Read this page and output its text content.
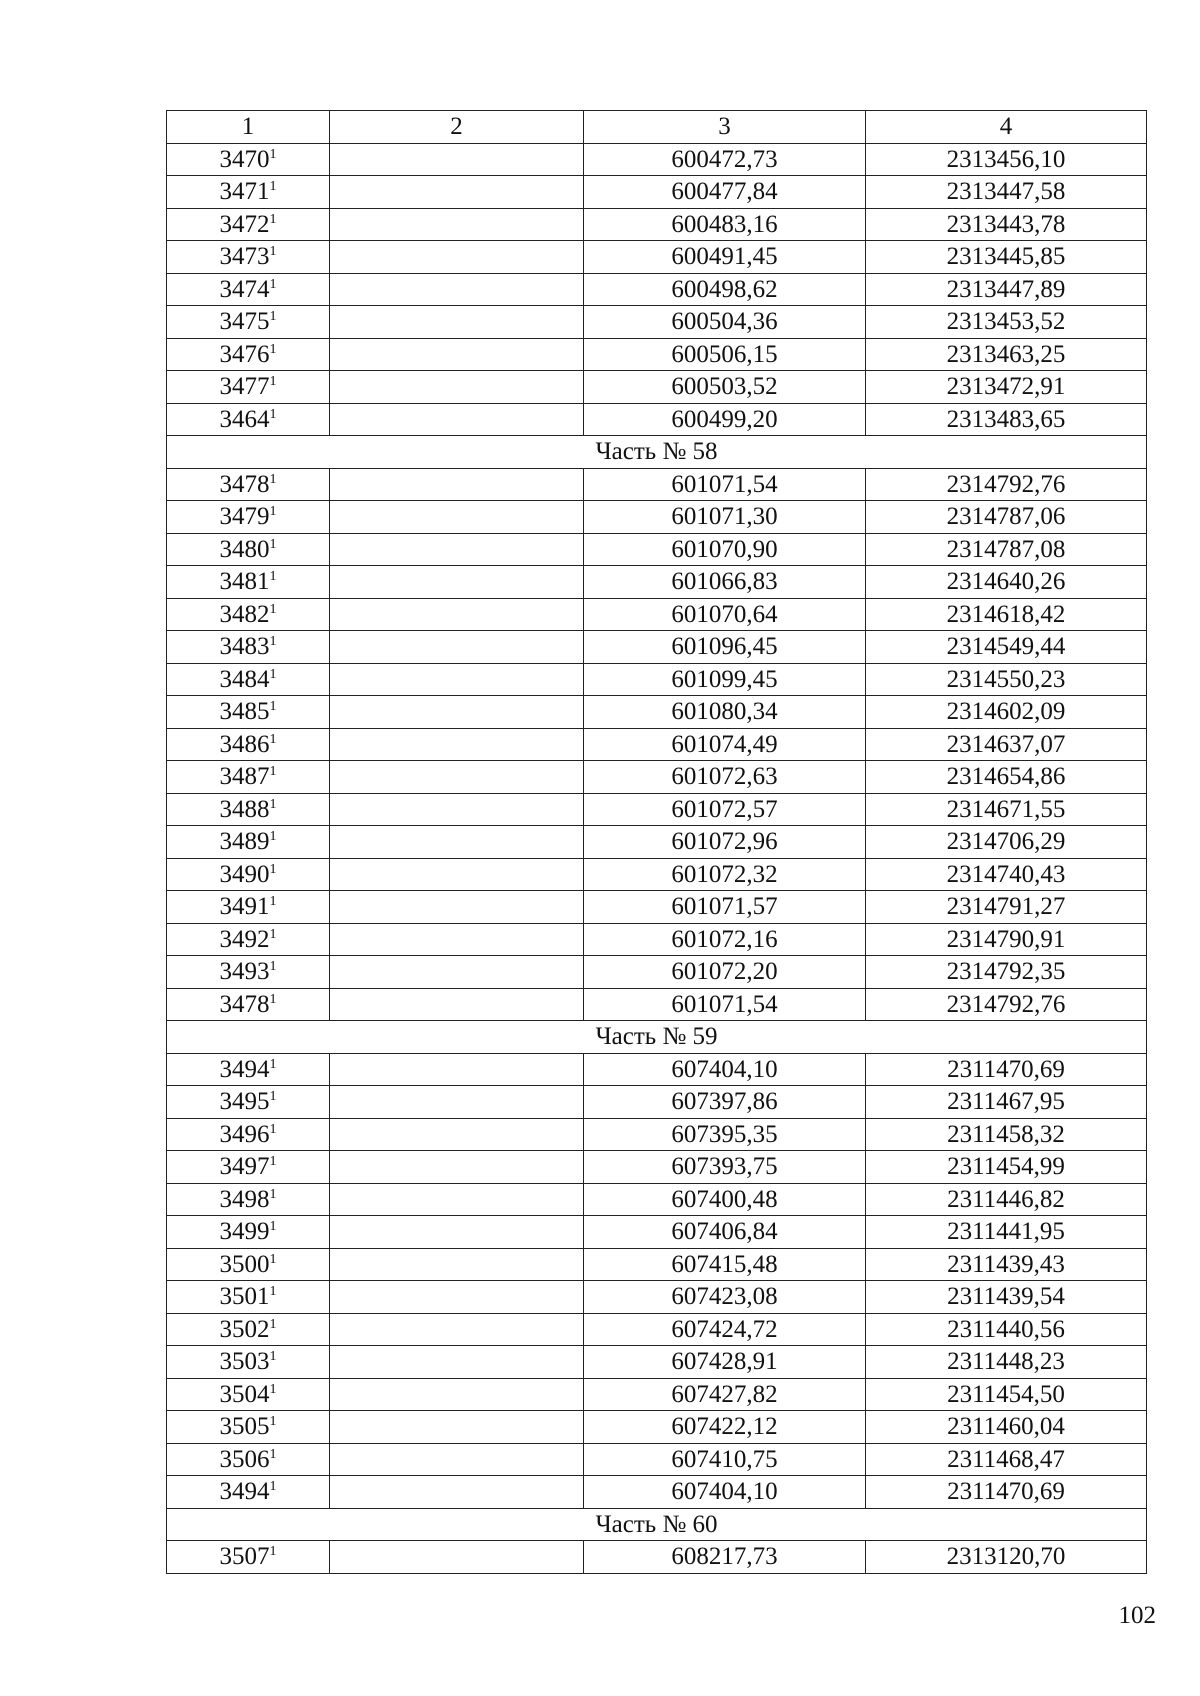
1	2	3	4
3470$^1$		600472,73	2313456,10
3471$^1$		600477,84	2313447,58
3472$^1$		600483,16	2313443,78
3473$^1$		600491,45	2313445,85
3474$^1$		600498,62	2313447,89
3475$^1$		600504,36	2313453,52
3476$^1$		600506,15	2313463,25
3477$^1$		600503,52	2313472,91
3464$^1$		600499,20	2313483,65
Часть № 58			
3478$^1$		601071,54	2314792,76
3479$^1$		601071,30	2314787,06
3480$^1$		601070,90	2314787,08
3481$^1$		601066,83	2314640,26
3482$^1$		601070,64	2314618,42
3483$^1$		601096,45	2314549,44
3484$^1$		601099,45	2314550,23
3485$^1$		601080,34	2314602,09
3486$^1$		601074,49	2314637,07
3487$^1$		601072,63	2314654,86
3488$^1$		601072,57	2314671,55
3489$^1$		601072,96	2314706,29
3490$^1$		601072,32	2314740,43
3491$^1$		601071,57	2314791,27
3492$^1$		601072,16	2314790,91
3493$^1$		601072,20	2314792,35
3478$^1$		601071,54	2314792,76
Часть № 59			
3494$^1$		607404,10	2311470,69
3495$^1$		607397,86	2311467,95
3496$^1$		607395,35	2311458,32
3497$^1$		607393,75	2311454,99
3498$^1$		607400,48	2311446,82
3499$^1$		607406,84	2311441,95
3500$^1$		607415,48	2311439,43
3501$^1$		607423,08	2311439,54
3502$^1$		607424,72	2311440,56
3503$^1$		607428,91	2311448,23
3504$^1$		607427,82	2311454,50
3505$^1$		607422,12	2311460,04
3506$^1$		607410,75	2311468,47
3494$^1$		607404,10	2311470,69
Часть № 60			
3507$^1$		608217,73	2313120,70
102
